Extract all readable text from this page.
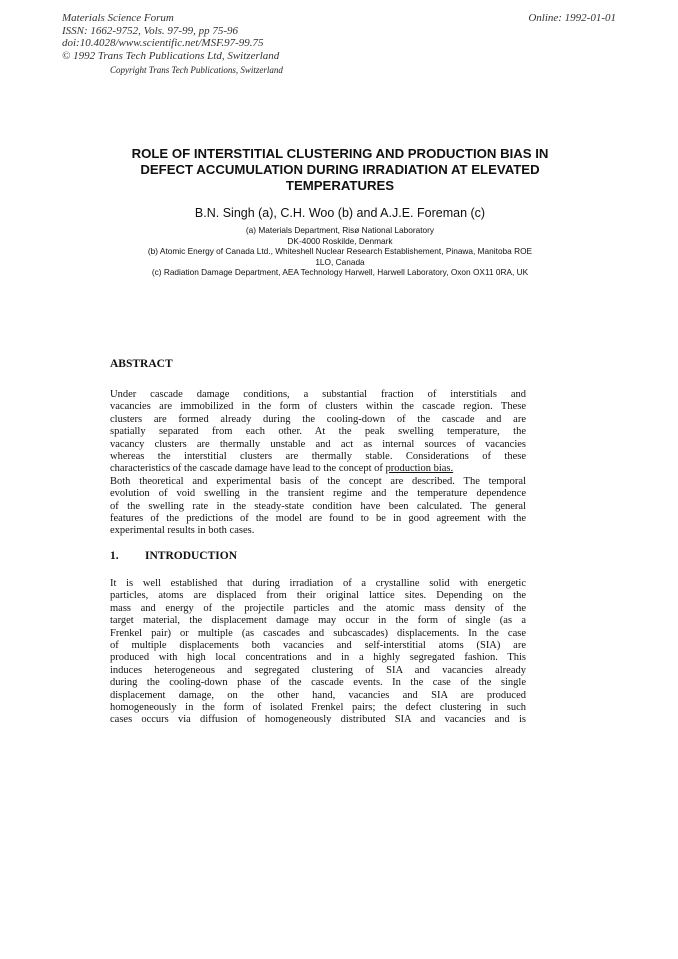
Materials Science Forum
ISSN: 1662-9752, Vols. 97-99, pp 75-96
doi:10.4028/www.scientific.net/MSF.97-99.75
© 1992 Trans Tech Publications Ltd, Switzerland
Online: 1992-01-01
Copyright Trans Tech Publications, Switzerland
ROLE OF INTERSTITIAL CLUSTERING AND PRODUCTION BIAS IN
DEFECT ACCUMULATION DURING IRRADIATION AT ELEVATED
TEMPERATURES
B.N. Singh (a), C.H. Woo (b) and A.J.E. Foreman (c)
(a) Materials Department, Risø National Laboratory
DK-4000 Roskilde, Denmark
(b) Atomic Energy of Canada Ltd., Whiteshell Nuclear Research Establishement, Pinawa, Manitoba ROE
1LO, Canada
(c) Radiation Damage Department, AEA Technology Harwell, Harwell Laboratory, Oxon OX11 0RA, UK
ABSTRACT
Under cascade damage conditions, a substantial fraction of interstitials and
vacancies are immobilized in the form of clusters within the cascade region. These
clusters are formed already during the cooling-down of the cascade and are
spatially separated from each other. At the peak swelling temperature, the
vacancy clusters are thermally unstable and act as internal sources of vacancies
whereas the interstitial clusters are thermally stable. Considerations of these
characteristics of the cascade damage have lead to the concept of production bias.
Both theoretical and experimental basis of the concept are described. The temporal
evolution of void swelling in the transient regime and the temperature dependence
of the swelling rate in the steady-state condition have been calculated. The general
features of the predictions of the model are found to be in good agreement with the
experimental results in both cases.
1. INTRODUCTION
It is well established that during irradiation of a crystalline solid with energetic
particles, atoms are displaced from their original lattice sites. Depending on the
mass and energy of the projectile particles and the atomic mass density of the
target material, the displacement damage may occur in the form of single (as a
Frenkel pair) or multiple (as cascades and subcascades) displacements. In the case
of multiple displacements both vacancies and self-interstitial atoms (SIA) are
produced with high local concentrations and in a highly segregated fashion. This
induces heterogeneous and segregated clustering of SIA and vacancies already
during the cooling-down phase of the cascade events. In the case of the single
displacement damage, on the other hand, vacancies and SIA are produced
homogeneously in the form of isolated Frenkel pairs; the defect clustering in such
cases occurs via diffusion of homogeneously distributed SIA and vacancies and is
